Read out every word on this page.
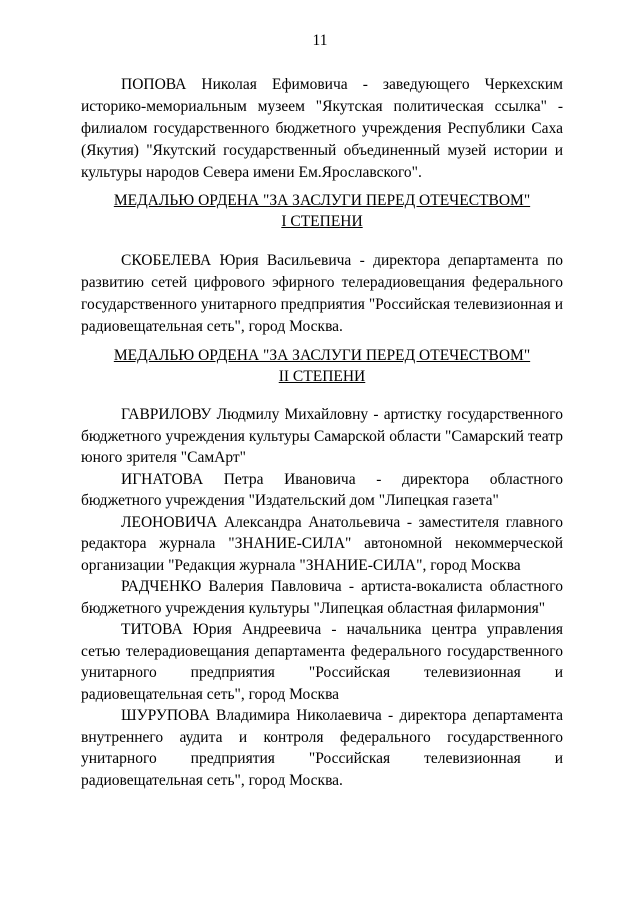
11

ПОПОВА Николая Ефимовича - заведующего Черкехским историко-мемориальным музеем "Якутская политическая ссылка" - филиалом государственного бюджетного учреждения Республики Саха (Якутия) "Якутский государственный объединенный музей истории и культуры народов Севера имени Ем.Ярославского".

МЕДАЛЬЮ ОРДЕНА "ЗА ЗАСЛУГИ ПЕРЕД ОТЕЧЕСТВОМ"
I СТЕПЕНИ

СКОБЕЛЕВА Юрия Васильевича - директора департамента по развитию сетей цифрового эфирного телерадиовещания федерального государственного унитарного предприятия "Российская телевизионная и радиовещательная сеть", город Москва.

МЕДАЛЬЮ ОРДЕНА "ЗА ЗАСЛУГИ ПЕРЕД ОТЕЧЕСТВОМ"
II СТЕПЕНИ

ГАВРИЛОВУ Людмилу Михайловну - артистку государственного бюджетного учреждения культуры Самарской области "Самарский театр юного зрителя "СамАрт"

ИГНАТОВА Петра Ивановича - директора областного бюджетного учреждения "Издательский дом "Липецкая газета"

ЛЕОНОВИЧА Александра Анатольевича - заместителя главного редактора журнала "ЗНАНИЕ-СИЛА" автономной некоммерческой организации "Редакция журнала "ЗНАНИЕ-СИЛА", город Москва

РАДЧЕНКО Валерия Павловича - артиста-вокалиста областного бюджетного учреждения культуры "Липецкая областная филармония"

ТИТОВА Юрия Андреевича - начальника центра управления сетью телерадиовещания департамента федерального государственного унитарного предприятия "Российская телевизионная и радиовещательная сеть", город Москва

ШУРУПОВА Владимира Николаевича - директора департамента внутреннего аудита и контроля федерального государственного унитарного предприятия "Российская телевизионная и радиовещательная сеть", город Москва.
